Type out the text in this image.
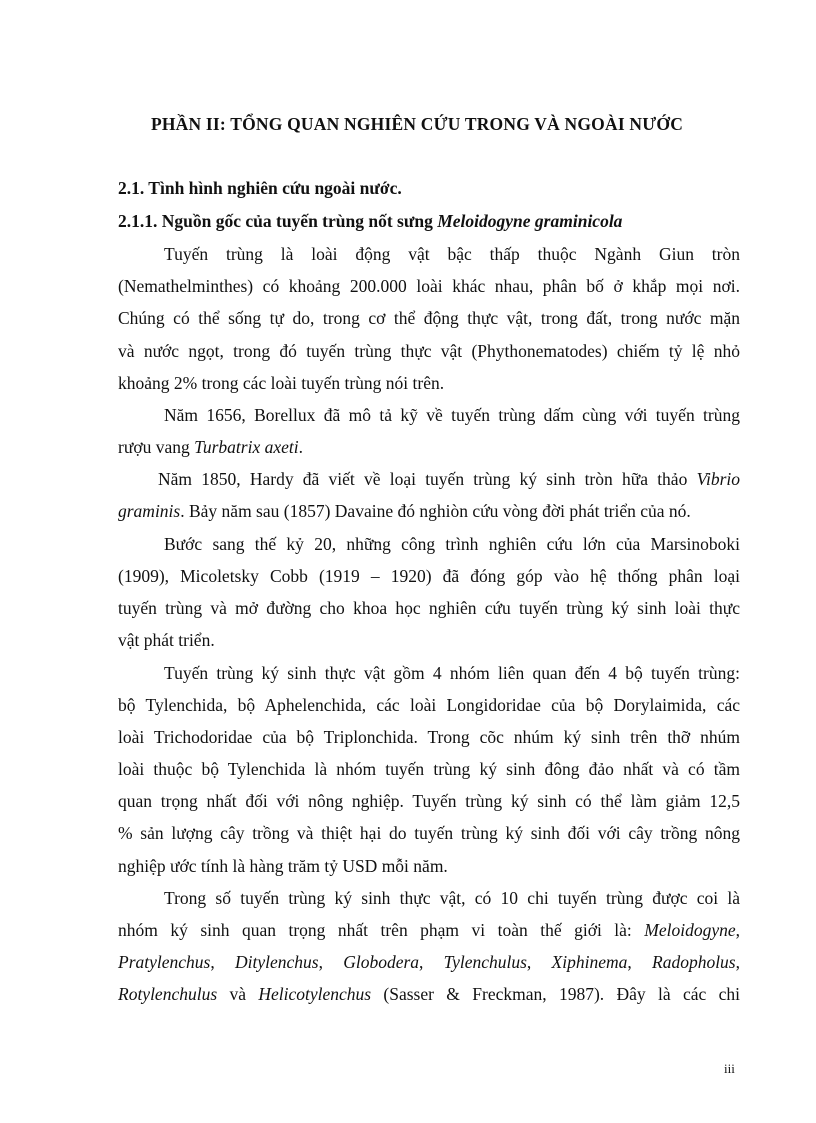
PHẦN II: TỔNG QUAN NGHIÊN CỨU TRONG VÀ NGOÀI NƯỚC
2.1. Tình hình nghiên cứu ngoài nước.
2.1.1. Nguồn gốc của tuyến trùng nốt sưng Meloidogyne graminicola
Tuyến trùng là loài động vật bậc thấp thuộc Ngành Giun tròn
(Nemathelminthes) có khoảng 200.000 loài khác nhau, phân bố ở khắp mọi nơi.
Chúng có thể sống tự do, trong cơ thể động thực vật, trong đất, trong nước mặn
và nước ngọt, trong đó tuyến trùng thực vật (Phythonematodes) chiếm tỷ lệ nhỏ
khoảng 2% trong các loài tuyến trùng nói trên.
Năm 1656, Borellux đã mô tả kỹ về tuyến trùng dấm cùng với tuyến trùng
rượu vang Turbatrix axeti.
Năm 1850, Hardy đã viết về loại tuyến trùng ký sinh tròn hữa thảo Vibrio
graminis. Bảy năm sau (1857) Davaine đó nghiòn cứu vòng đời phát triển của nó.
Bước sang thế kỷ 20, những công trình nghiên cứu lớn của Marsinoboki
(1909), Micoletsky Cobb (1919 – 1920) đã đóng góp vào hệ thống phân loại
tuyến trùng và mở đường cho khoa học nghiên cứu tuyến trùng ký sinh loài thực
vật phát triển.
Tuyến trùng ký sinh thực vật gồm 4 nhóm liên quan đến 4 bộ tuyến trùng:
bộ Tylenchida, bộ Aphelenchida, các loài Longidoridae của bộ Dorylaimida, các
loài Trichodoridae của bộ Triplonchida. Trong cõc nhúm ký sinh trên thỡ nhúm
loài thuộc bộ Tylenchida là nhóm tuyến trùng ký sinh đông đảo nhất và có tầm
quan trọng nhất đối với nông nghiệp. Tuyến trùng ký sinh có thể làm giảm 12,5
% sản lượng cây trồng và thiệt hại do tuyến trùng ký sinh đối với cây trồng nông
nghiệp ước tính là hàng trăm tỷ USD mỗi năm.
Trong số tuyến trùng ký sinh thực vật, có 10 chi tuyến trùng được coi là
nhóm ký sinh quan trọng nhất trên phạm vi toàn thế giới là: Meloidogyne,
Pratylenchus, Ditylenchus, Globodera, Tylenchulus, Xiphinema, Radopholus,
Rotylenchulus và Helicotylenchus (Sasser & Freckman, 1987). Đây là các chi
iii
